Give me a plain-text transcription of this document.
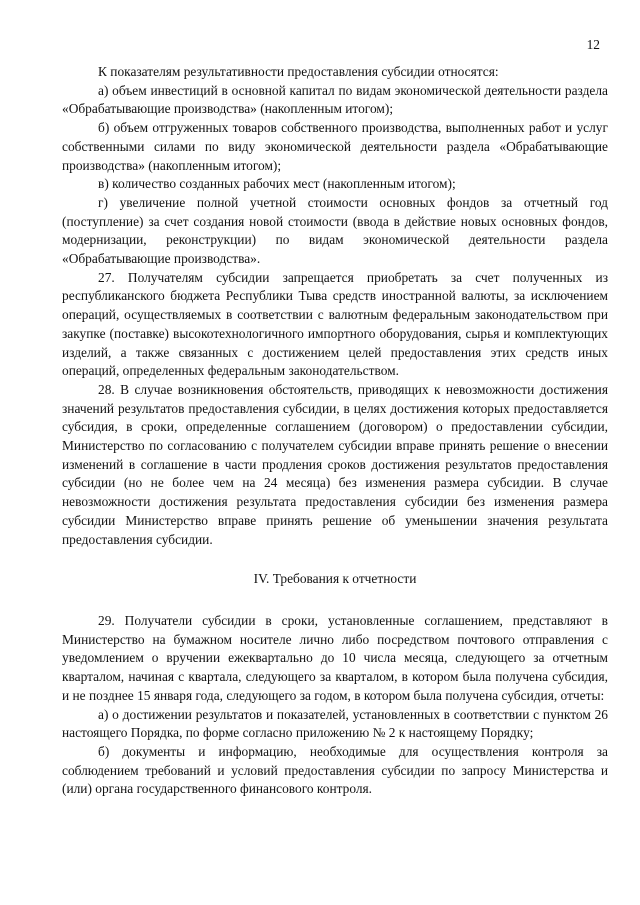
12

К показателям результативности предоставления субсидии относятся:

а) объем инвестиций в основной капитал по видам экономической деятельности раздела «Обрабатывающие производства» (накопленным итогом);

б) объем отгруженных товаров собственного производства, выполненных работ и услуг собственными силами по виду экономической деятельности раздела «Обрабатывающие производства» (накопленным итогом);

в) количество созданных рабочих мест (накопленным итогом);

г) увеличение полной учетной стоимости основных фондов за отчетный год (поступление) за счет создания новой стоимости (ввода в действие новых основных фондов, модернизации, реконструкции) по видам экономической деятельности раздела «Обрабатывающие производства».

27. Получателям субсидии запрещается приобретать за счет полученных из республиканского бюджета Республики Тыва средств иностранной валюты, за исключением операций, осуществляемых в соответствии с валютным федеральным законодательством при закупке (поставке) высокотехнологичного импортного оборудования, сырья и комплектующих изделий, а также связанных с достижением целей предоставления этих средств иных операций, определенных федеральным законодательством.

28. В случае возникновения обстоятельств, приводящих к невозможности достижения значений результатов предоставления субсидии, в целях достижения которых предоставляется субсидия, в сроки, определенные соглашением (договором) о предоставлении субсидии, Министерство по согласованию с получателем субсидии вправе принять решение о внесении изменений в соглашение в части продления сроков достижения результатов предоставления субсидии (но не более чем на 24 месяца) без изменения размера субсидии. В случае невозможности достижения результата предоставления субсидии без изменения размера субсидии Министерство вправе принять решение об уменьшении значения результата предоставления субсидии.

IV. Требования к отчетности

29. Получатели субсидии в сроки, установленные соглашением, представляют в Министерство на бумажном носителе лично либо посредством почтового отправления с уведомлением о вручении ежеквартально до 10 числа месяца, следующего за отчетным кварталом, начиная с квартала, следующего за кварталом, в котором была получена субсидия, и не позднее 15 января года, следующего за годом, в котором была получена субсидия, отчеты:

а) о достижении результатов и показателей, установленных в соответствии с пунктом 26 настоящего Порядка, по форме согласно приложению № 2 к настоящему Порядку;

б) документы и информацию, необходимые для осуществления контроля за соблюдением требований и условий предоставления субсидии по запросу Министерства и (или) органа государственного финансового контроля.
